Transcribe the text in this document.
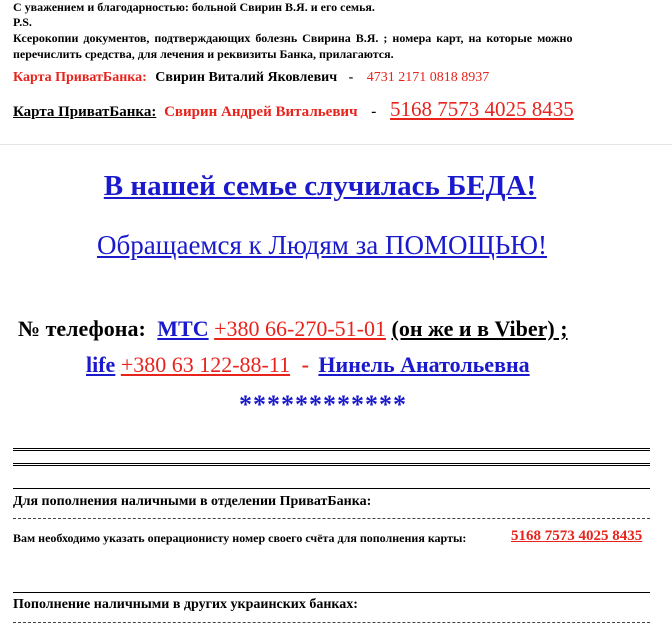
С уважением и благодарностью: больной Свирин В.Я. и его семья.
P.S.
Ксерокопии документов, подтверждающих болезнь Свирина В.Я. ; номера карт, на которые можно
перечислить средства, для лечения и реквизиты Банка, прилагаются.
Карта ПриватБанка: Свирин Виталий Яковлевич - 4731 2171 0818 8937
Карта ПриватБанка: Свирин Андрей Витальевич - 5168 7573 4025 8435
В нашей семье случилась БЕДА!
Обращаемся к Людям за ПОМОЩЬЮ!
№ телефона: МТС +380 66-270-51-01 (он же и в Viber) ;
life +380 63 122-88-11 - Нинель Анатольевна
************
Для пополнения наличными в отделении ПриватБанка:
Вам необходимо указать операционисту номер своего счёта для пополнения карты:	5168 7573 4025 8435
Пополнение наличными в других украинских банках:
